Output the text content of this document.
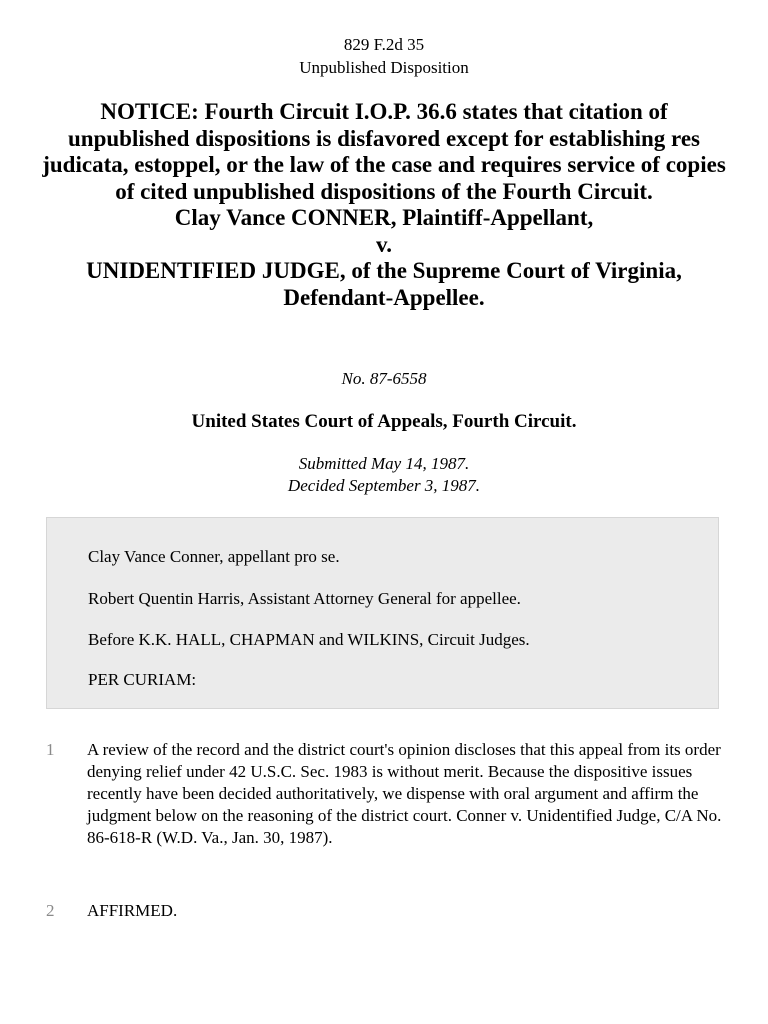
829 F.2d 35
Unpublished Disposition
NOTICE: Fourth Circuit I.O.P. 36.6 states that citation of unpublished dispositions is disfavored except for establishing res judicata, estoppel, or the law of the case and requires service of copies of cited unpublished dispositions of the Fourth Circuit.
Clay Vance CONNER, Plaintiff-Appellant,
v.
UNIDENTIFIED JUDGE, of the Supreme Court of Virginia, Defendant-Appellee.
No. 87-6558
United States Court of Appeals, Fourth Circuit.
Submitted May 14, 1987.
Decided September 3, 1987.
Clay Vance Conner, appellant pro se.
Robert Quentin Harris, Assistant Attorney General for appellee.
Before K.K. HALL, CHAPMAN and WILKINS, Circuit Judges.
PER CURIAM:
1 A review of the record and the district court's opinion discloses that this appeal from its order denying relief under 42 U.S.C. Sec. 1983 is without merit. Because the dispositive issues recently have been decided authoritatively, we dispense with oral argument and affirm the judgment below on the reasoning of the district court. Conner v. Unidentified Judge, C/A No. 86-618-R (W.D. Va., Jan. 30, 1987).
2 AFFIRMED.
